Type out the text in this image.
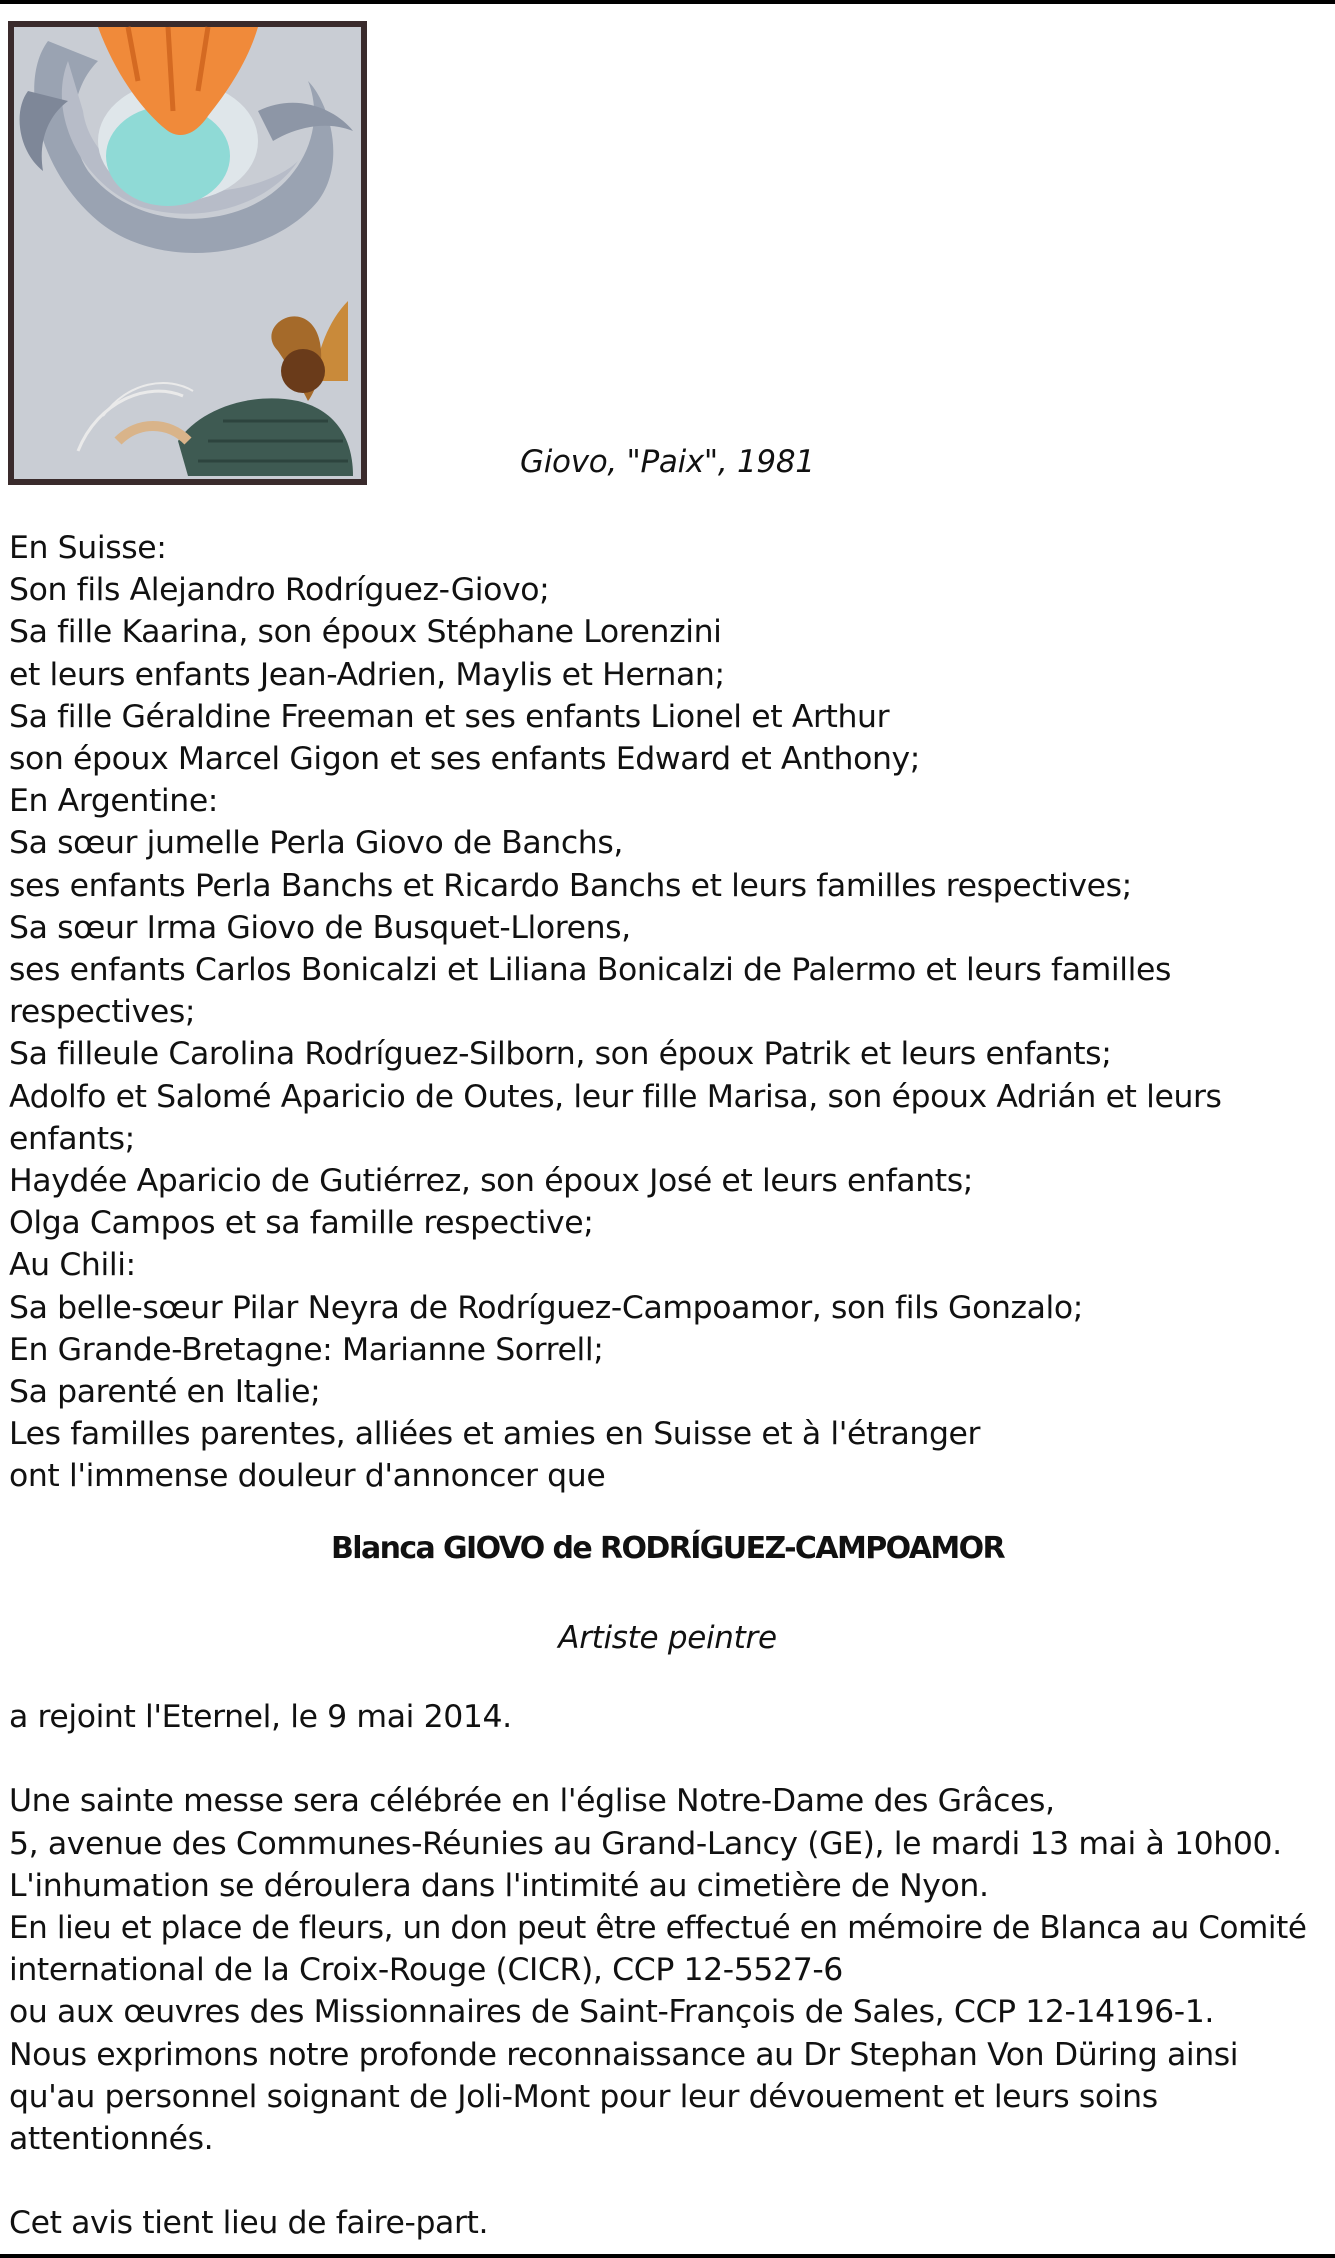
Giovo, "Paix", 1981
En Suisse:
Son fils Alejandro Rodríguez-Giovo;
Sa fille Kaarina, son époux Stéphane Lorenzini
et leurs enfants Jean-Adrien, Maylis et Hernan;
Sa fille Géraldine Freeman et ses enfants Lionel et Arthur
son époux Marcel Gigon et ses enfants Edward et Anthony;
En Argentine:
Sa sœur jumelle Perla Giovo de Banchs,
ses enfants Perla Banchs et Ricardo Banchs et leurs familles respectives;
Sa sœur Irma Giovo de Busquet-Llorens,
ses enfants Carlos Bonicalzi et Liliana Bonicalzi de Palermo et leurs familles
respectives;
Sa filleule Carolina Rodríguez-Silborn, son époux Patrik et leurs enfants;
Adolfo et Salomé Aparicio de Outes, leur fille Marisa, son époux Adrián et leurs
enfants;
Haydée Aparicio de Gutiérrez, son époux José et leurs enfants;
Olga Campos et sa famille respective;
Au Chili:
Sa belle-sœur Pilar Neyra de Rodríguez-Campoamor, son fils Gonzalo;
En Grande-Bretagne: Marianne Sorrell;
Sa parenté en Italie;
Les familles parentes, alliées et amies en Suisse et à l'étranger
ont l'immense douleur d'annoncer que
Blanca GIOVO de RODRÍGUEZ-CAMPOAMOR
Artiste peintre
a rejoint l'Eternel, le 9 mai 2014.
Une sainte messe sera célébrée en l'église Notre-Dame des Grâces,
5, avenue des Communes-Réunies au Grand-Lancy (GE), le mardi 13 mai à 10h00.
L'inhumation se déroulera dans l'intimité au cimetière de Nyon.
En lieu et place de fleurs, un don peut être effectué en mémoire de Blanca au Comité
international de la Croix-Rouge (CICR), CCP 12-5527-6
ou aux œuvres des Missionnaires de Saint-François de Sales, CCP 12-14196-1.
Nous exprimons notre profonde reconnaissance au Dr Stephan Von Düring ainsi
qu'au personnel soignant de Joli-Mont pour leur dévouement et leurs soins
attentionnés.
Cet avis tient lieu de faire-part.
